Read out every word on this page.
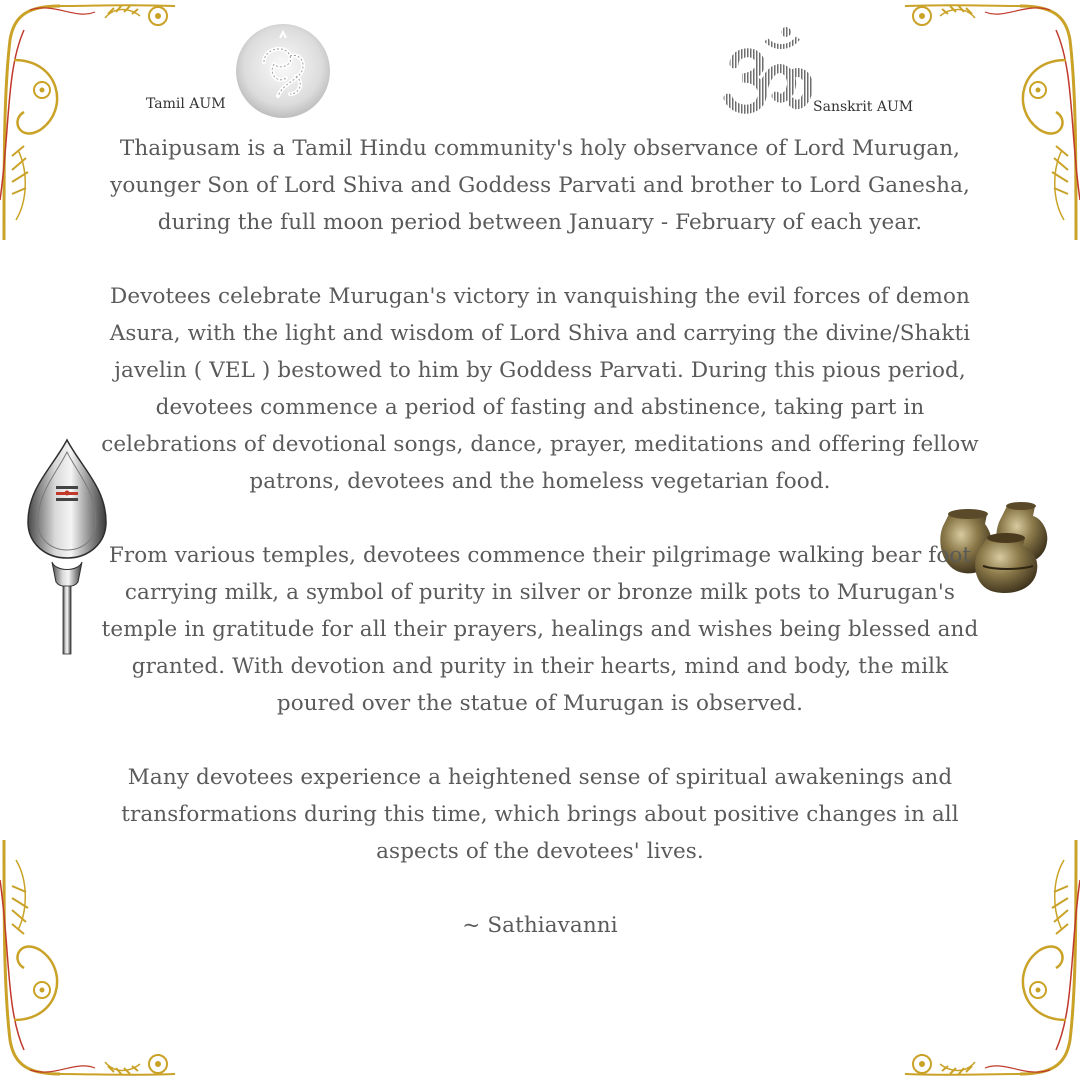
Tamil AUM	Sanskrit AUM

Thaipusam is a Tamil Hindu community's holy observance of Lord Murugan, younger Son of Lord Shiva and Goddess Parvati and brother to Lord Ganesha, during the full moon period between January - February of each year.

Devotees celebrate Murugan's victory in vanquishing the evil forces of demon Asura, with the light and wisdom of Lord Shiva and carrying the divine/Shakti javelin ( VEL ) bestowed to him by Goddess Parvati. During this pious period, devotees commence a period of fasting and abstinence, taking part in celebrations of devotional songs, dance, prayer, meditations and offering fellow patrons, devotees and the homeless vegetarian food.

From various temples, devotees commence their pilgrimage walking bear foot carrying milk, a symbol of purity in silver or bronze milk pots to Murugan's temple in gratitude for all their prayers, healings and wishes being blessed and granted. With devotion and purity in their hearts, mind and body, the milk poured over the statue of Murugan is observed.

Many devotees experience a heightened sense of spiritual awakenings and transformations during this time, which brings about positive changes in all aspects of the devotees' lives.

~ Sathiavanni
